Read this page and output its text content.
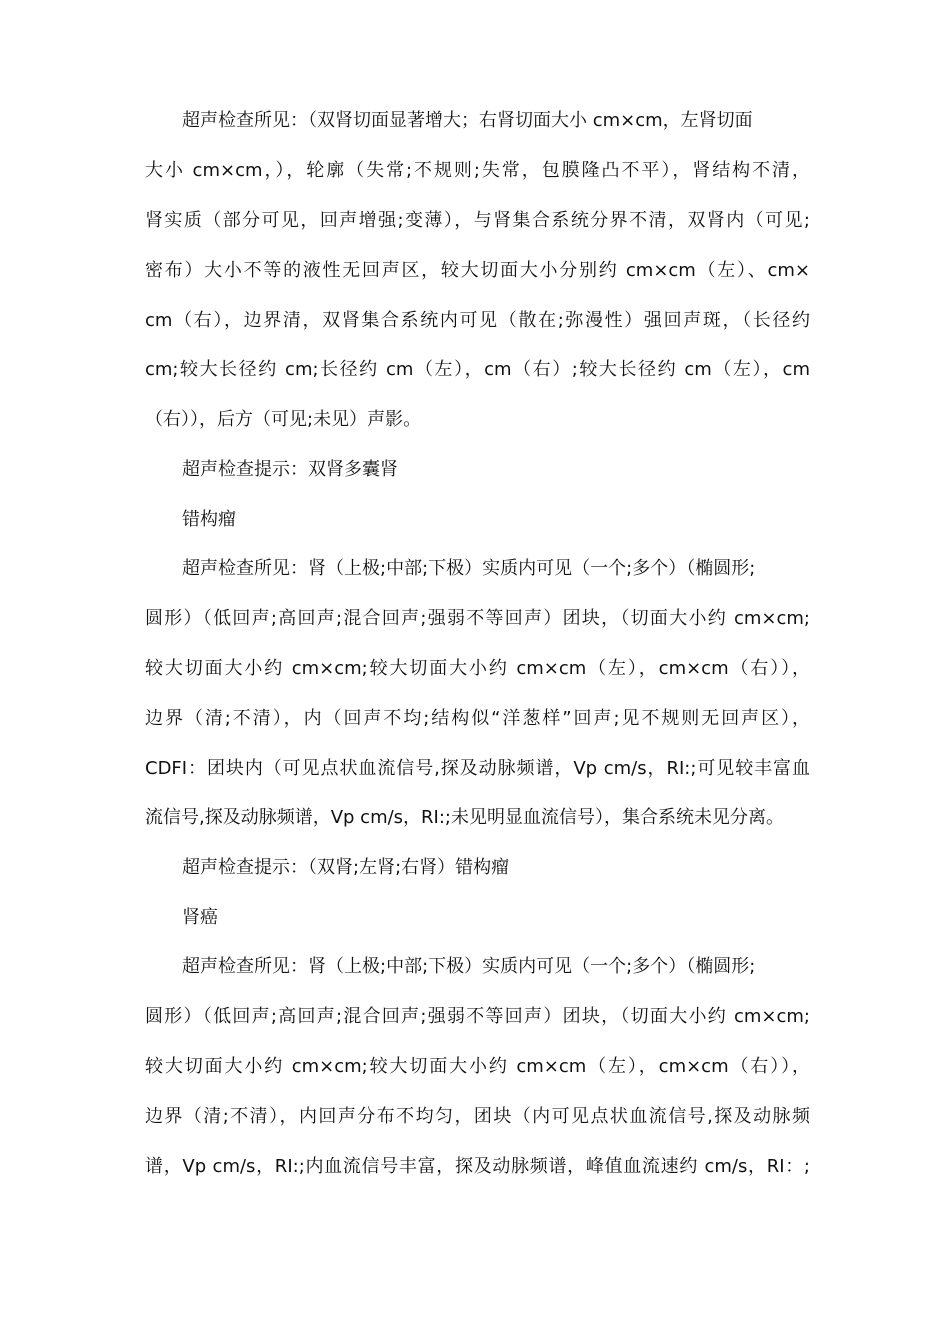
超声检查所见：（双肾切面显著增大；右肾切面大小 cm×cm，左肾切面
大小 cm×cm，），轮廓（失常;不规则;失常，包膜隆凸不平），肾结构不清，
肾实质（部分可见，回声增强;变薄），与肾集合系统分界不清，双肾内（可见;
密布）大小不等的液性无回声区，较大切面大小分别约 cm×cm（左）、cm×
cm（右），边界清，双肾集合系统内可见（散在;弥漫性）强回声斑，（长径约
cm;较大长径约 cm;长径约 cm（左），cm（右）;较大长径约 cm（左），cm
（右）），后方（可见;未见）声影。
超声检查提示：双肾多囊肾
错构瘤
超声检查所见：肾（上极;中部;下极）实质内可见（一个;多个）（椭圆形;
圆形）（低回声;高回声;混合回声;强弱不等回声）团块，（切面大小约 cm×cm;
较大切面大小约 cm×cm;较大切面大小约 cm×cm（左），cm×cm（右）），
边界（清;不清），内（回声不均;结构似“洋葱样”回声;见不规则无回声区），
CDFI：团块内（可见点状血流信号,探及动脉频谱，Vp cm/s，RI:;可见较丰富血
流信号,探及动脉频谱，Vp cm/s，RI:;未见明显血流信号），集合系统未见分离。
超声检查提示：（双肾;左肾;右肾）错构瘤
肾癌
超声检查所见：肾（上极;中部;下极）实质内可见（一个;多个）（椭圆形;
圆形）（低回声;高回声;混合回声;强弱不等回声）团块，（切面大小约 cm×cm;
较大切面大小约 cm×cm;较大切面大小约 cm×cm（左），cm×cm（右）），
边界（清;不清），内回声分布不均匀，团块（内可见点状血流信号,探及动脉频
谱，Vp cm/s，RI:;内血流信号丰富，探及动脉频谱，峰值血流速约 cm/s，RI：;
